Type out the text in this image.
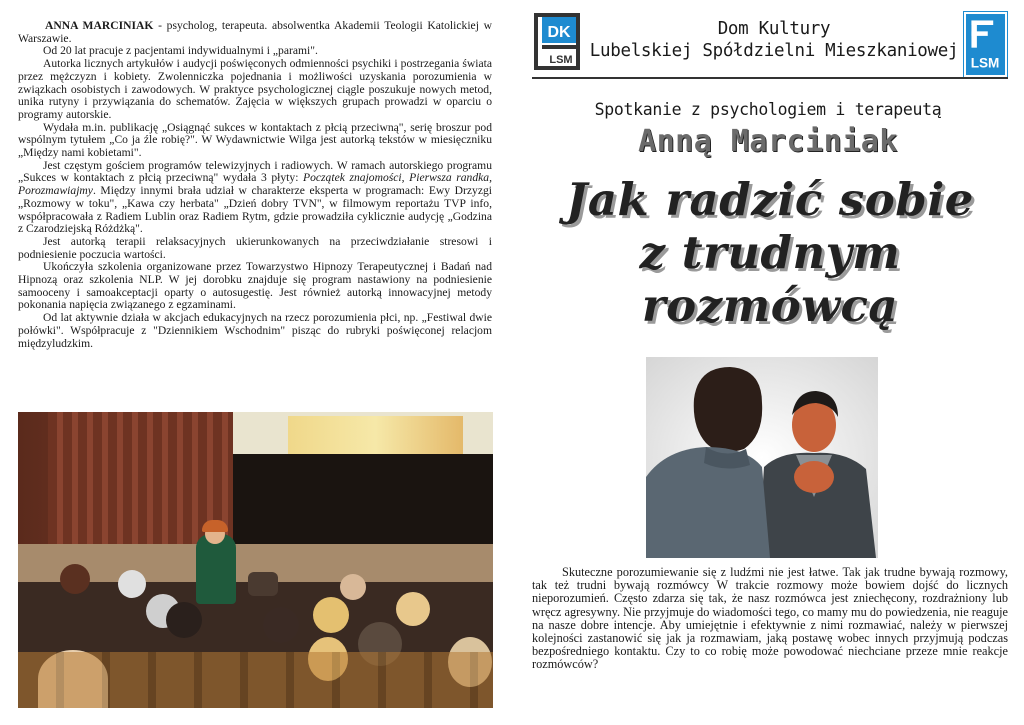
ANNA MARCINIAK - psycholog, terapeuta. absolwentka Akademii Teologii Katolickiej w Warszawie.

Od 20 lat pracuje z pacjentami indywidualnymi i „parami".

Autorka licznych artykułów i audycji poświęconych odmienności psychiki i postrzegania świata przez mężczyzn i kobiety. Zwolenniczka pojednania i możliwości uzyskania porozumienia w związkach osobistych i zawodowych. W praktyce psychologicznej ciągle poszukuje nowych metod, unika rutyny i przywiązania do schematów. Zajęcia w większych grupach prowadzi w oparciu o programy autorskie.

Wydała m.in. publikację „Osiągnąć sukces w kontaktach z płcią przeciwną", serię broszur pod wspólnym tytułem „Co ja źle robię?". W Wydawnictwie Wilga jest autorką tekstów w miesięczniku „Między nami kobietami".

Jest częstym gościem programów telewizyjnych i radiowych. W ramach autorskiego programu „Sukces w kontaktach z płcią przeciwną" wydała 3 płyty: Początek znajomości, Pierwsza randka, Porozmawiajmy. Między innymi brała udział w charakterze eksperta w programach: Ewy Drzyzgi „Rozmowy w toku", „Kawa czy herbata" „Dzień dobry TVN", w filmowym reportażu TVP info, współpracowała z Radiem Lublin oraz Radiem Rytm, gdzie prowadziła cyklicznie audycję „Godzina z Czarodziejską Różdżką".

Jest autorką terapii relaksacyjnych ukierunkowanych na przeciwdziałanie stresowi i podniesienie poczucia wartości.

Ukończyła szkolenia organizowane przez Towarzystwo Hipnozy Terapeutycznej i Badań nad Hipnozą oraz szkolenia NLP. W jej dorobku znajduje się program nastawiony na podniesienie samooceny i samoakceptacji oparty o autosugestię. Jest również autorką innowacyjnej metody pokonania napięcia związanego z egzaminami.

Od lat aktywnie działa w akcjach edukacyjnych na rzecz porozumienia płci, np. „Festiwal dwie połówki". Współpracuje z "Dziennikiem Wschodnim" pisząc do rubryki poświęconej relacjom międzyludzkim.

DK
LSM
Dom Kultury
Lubelskiej Spółdzielni Mieszkaniowej
LSM
Spotkanie z psychologiem i terapeutą
Anną Marciniak
Jak radzić sobie
z trudnym
rozmówcą

Skuteczne porozumiewanie się z ludźmi nie jest łatwe. Tak jak trudne bywają rozmowy, tak też trudni bywają rozmówcy W trakcie rozmowy może bowiem dojść do licznych nieporozumień. Często zdarza się tak, że nasz rozmówca jest zniechęcony, rozdrażniony lub wręcz agresywny. Nie przyjmuje do wiadomości tego, co mamy mu do powiedzenia, nie reaguje na nasze dobre intencje. Aby umiejętnie i efektywnie z nimi rozmawiać, należy w pierwszej kolejności zastanowić się jak ja rozmawiam, jaką postawę wobec innych przyjmują podczas bezpośredniego kontaktu. Czy to co robię może powodować niechciane przeze mnie reakcje rozmówców?
